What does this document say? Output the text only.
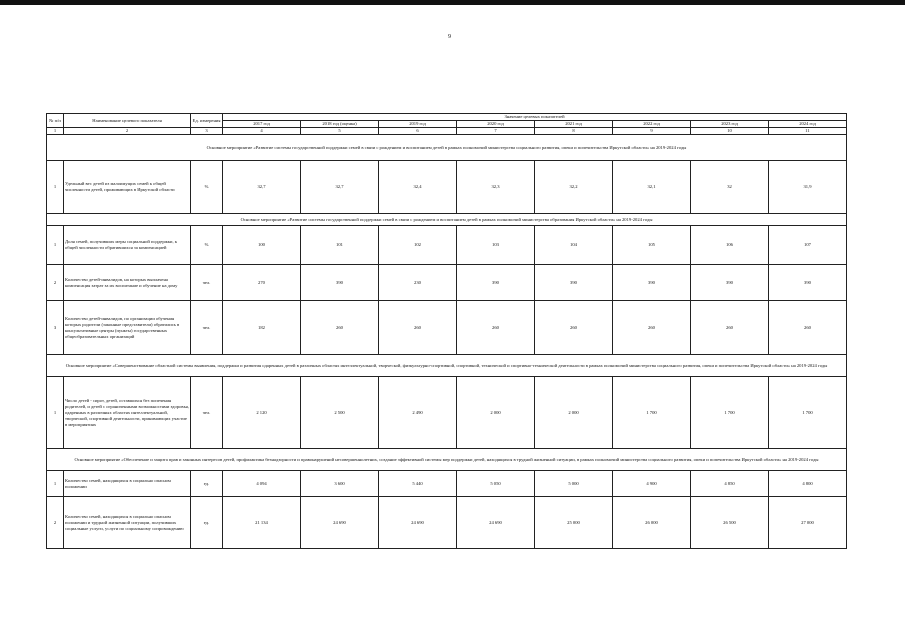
9
№ п/п	Наименование целевого показателя	Ед. измерения	Значение целевых показателей							
			2017 год	2018 год (оценка)	2019 год	2020 год	2021 год	2022 год	2023 год	2024 год
1	2	3	4	5	6	7	8	9	10	11
Основное мероприятие «Развитие системы государственной поддержки семей в связи с рождением и воспитанием детей в рамках полномочий министерства социального развития, опеки и попечительства Иркутской области» на 2019-2024 годы										
1	Удельный вес детей из малоимущих семей к общей численности детей, проживающих в Иркутской области	%	32,7	32,7	32,4	32,3	32,2	32,1	32	31,9
Основное мероприятие «Развитие системы государственной поддержки семей в связи с рождением и воспитанием детей в рамках полномочий министерства образования Иркутской области» на 2019-2024 годы										
1	Доля семей, получивших меры социальной поддержки, к общей численности обратившихся за компенсацией	%	100	101	102	103	104	105	106	107
2	Количество детей-инвалидов, на которых выплачена компенсация затрат за их воспитание и обучение на дому	чел.	270	390	230	390	390	390	390	390
3	Количество детей-инвалидов, по организации обучения которых родители (законные представители) обратились в консультативные центры (пункты) государственных общеобразовательных организаций	чел.	182	260	260	260	260	260	260	260
Основное мероприятие «Совершенствование областной системы выявления, поддержки и развития одаренных детей в различных областях интеллектуальной, творческой, физкультурно-спортивной, спортивной, технической и спортивно-технической деятельности в рамках полномочий министерства социального развития, опеки и попечительства Иркутской области» на 2019-2024 годы										
1	Число детей - сирот, детей, оставшихся без попечения родителей, и детей с ограниченными возможностями здоровья, одаренных в различных областях интеллектуальной, творческой, спортивной деятельности, принимающих участие в мероприятиях	чел.	2 120	2 500	2 490	2 000	2 000	1 700	1 700	1 700
Основное мероприятие «Обеспечение и защита прав и законных интересов детей, профилактика безнадзорности и правонарушений несовершеннолетних, создание эффективной системы мер поддержки детей, находящихся в трудной жизненной ситуации, в рамках полномочий министерства социального развития, опеки и попечительства Иркутской области» на 2019-2024 годы										
1	Количество семей, находящихся в социально опасном положении	ед.	4 094	3 600	5 440	5 050	5 000	4 900	4 850	4 800
2	Количество семей, находящихся в социально опасном положении и трудной жизненной ситуации, получивших социальные услуги, услуги по социальному сопровождению	ед.	21 134	24 690	24 690	24 690	25 000	26 000	26 500	27 000
